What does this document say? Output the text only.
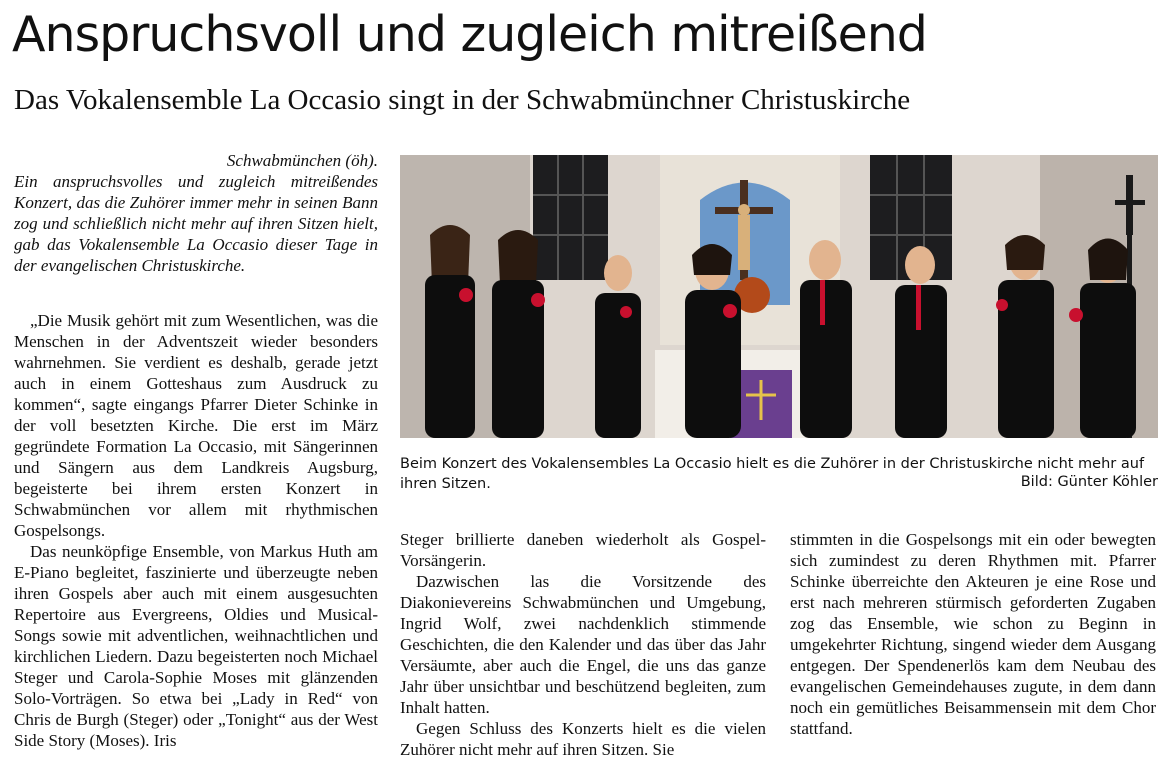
Anspruchsvoll und zugleich mitreißend
Das Vokalensemble La Occasio singt in der Schwabmünchner Christuskirche
Schwabmünchen (öh).
Ein anspruchsvolles und zugleich mitreißendes Konzert, das die Zuhörer immer mehr in seinen Bann zog und schließlich nicht mehr auf ihren Sitzen hielt, gab das Vokalensemble La Occasio dieser Tage in der evangelischen Christuskirche.
Beim Konzert des Vokalensembles La Occasio hielt es die Zuhörer in der Christuskirche nicht mehr auf ihren Sitzen.	Bild: Günter Köhler

„Die Musik gehört mit zum Wesentlichen, was die Menschen in der Adventszeit wieder besonders wahrnehmen. Sie verdient es deshalb, gerade jetzt auch in einem Gotteshaus zum Ausdruck zu kommen“, sagte eingangs Pfarrer Dieter Schinke in der voll besetzten Kirche. Die erst im März gegründete Formation La Occasio, mit Sängerinnen und Sängern aus dem Landkreis Augsburg, begeisterte bei ihrem ersten Konzert in Schwabmünchen vor allem mit rhythmischen Gospelsongs.

Das neunköpfige Ensemble, von Markus Huth am E-Piano begleitet, faszinierte und überzeugte neben ihren Gospels aber auch mit einem ausgesuchten Repertoire aus Evergreens, Oldies und Musical-Songs sowie mit adventlichen, weihnachtlichen und kirchlichen Liedern. Dazu begeisterten noch Michael Steger und Carola-Sophie Moses mit glänzenden Solo-Vorträgen. So etwa bei „Lady in Red“ von Chris de Burgh (Steger) oder „Tonight“ aus der West Side Story (Moses). Iris

Steger brillierte daneben wiederholt als Gospel-Vorsängerin.

Dazwischen las die Vorsitzende des Diakonievereins Schwabmünchen und Umgebung, Ingrid Wolf, zwei nachdenklich stimmende Geschichten, die den Kalender und das über das Jahr Versäumte, aber auch die Engel, die uns das ganze Jahr über unsichtbar und beschützend begleiten, zum Inhalt hatten.

Gegen Schluss des Konzerts hielt es die vielen Zuhörer nicht mehr auf ihren Sitzen. Sie

stimmten in die Gospelsongs mit ein oder bewegten sich zumindest zu deren Rhythmen mit. Pfarrer Schinke überreichte den Akteuren je eine Rose und erst nach mehreren stürmisch geforderten Zugaben zog das Ensemble, wie schon zu Beginn in umgekehrter Richtung, singend wieder dem Ausgang entgegen. Der Spendenerlös kam dem Neubau des evangelischen Gemeindehauses zugute, in dem dann noch ein gemütliches Beisammensein mit dem Chor stattfand.
